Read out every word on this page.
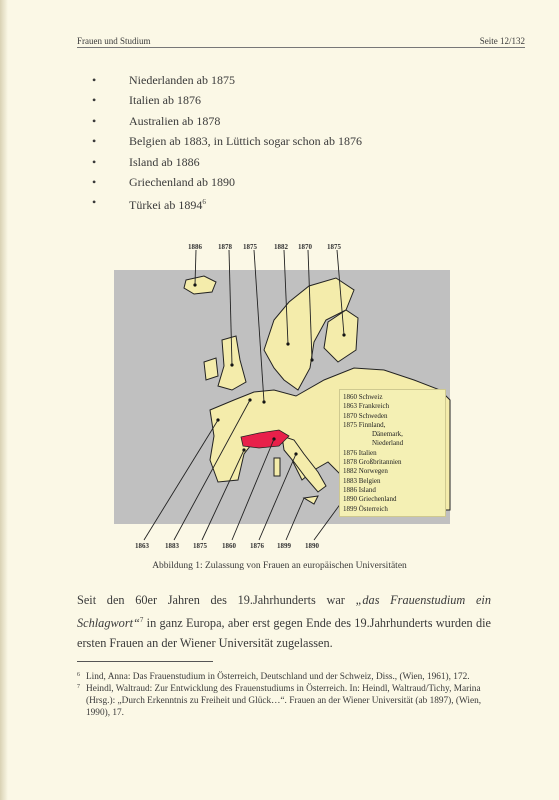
Frauen und Studium	Seite 12/132
• Niederlanden ab 1875
• Italien ab 1876
• Australien ab 1878
• Belgien ab 1883, in Lüttich sogar schon ab 1876
• Island ab 1886
• Griechenland ab 1890
• Türkei ab 1894$^6$
1886 1878 1875 1882 1870 1875
1863 1883 1875 1860 1876 1899 1890
1860 Schweiz
1863 Frankreich
1870 Schweden
1875 Finnland,
Dänemark,
Niederland
1876 Italien
1878 Großbritannien
1882 Norwegen
1883 Belgien
1886 Island
1890 Griechenland
1899 Österreich
Abbildung 1: Zulassung von Frauen an europäischen Universitäten

Seit den 60er Jahren des 19.Jahrhunderts war „das Frauenstudium ein Schlagwort“$^7$ in ganz Europa, aber erst gegen Ende des 19.Jahrhunderts wurden die ersten Frauen an der Wiener Universität zugelassen.

6 Lind, Anna: Das Frauenstudium in Österreich, Deutschland und der Schweiz, Diss., (Wien, 1961), 172.
7 Heindl, Waltraud: Zur Entwicklung des Frauenstudiums in Österreich. In: Heindl, Waltraud/Tichy, Marina (Hrsg.): „Durch Erkenntnis zu Freiheit und Glück…“. Frauen an der Wiener Universität (ab 1897), (Wien, 1990), 17.
